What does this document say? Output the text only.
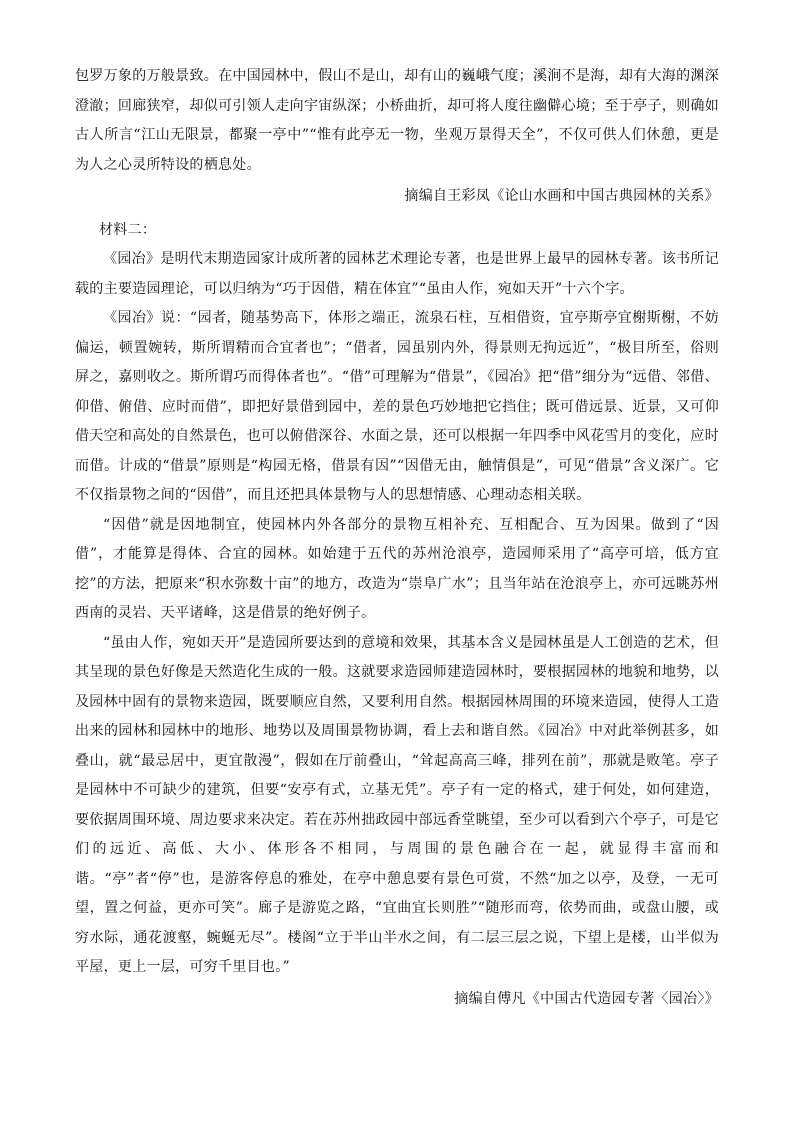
包罗万象的万般景致。在中国园林中，假山不是山，却有山的巍峨气度；溪涧不是海，却有大海的渊深澄澈；回廊狭窄，却似可引领人走向宇宙纵深；小桥曲折，却可将人度往幽僻心境；至于亭子，则确如古人所言“江山无限景，都聚一亭中”“惟有此亭无一物，坐观万景得天全”，不仅可供人们休憩，更是为人之心灵所特设的栖息处。

摘编自王彩凤《论山水画和中国古典园林的关系》

材料二：

《园冶》是明代末期造园家计成所著的园林艺术理论专著，也是世界上最早的园林专著。该书所记载的主要造园理论，可以归纳为“巧于因借，精在体宜”“虽由人作，宛如天开”十六个字。

《园冶》说：“园者，随基势高下，体形之端正，流泉石柱，互相借资，宜亭斯亭宜榭斯榭，不妨偏运，顿置婉转，斯所谓精而合宜者也”；“借者，园虽别内外，得景则无拘远近”，“极目所至，俗则屏之，嘉则收之。斯所谓巧而得体者也”。“借”可理解为“借景”，《园冶》把“借”细分为“远借、邻借、仰借、俯借、应时而借”，即把好景借到园中，差的景色巧妙地把它挡住；既可借远景、近景，又可仰借天空和高处的自然景色，也可以俯借深谷、水面之景，还可以根据一年四季中风花雪月的变化，应时而借。计成的“借景”原则是“构园无格，借景有因”“因借无由，触情俱是”，可见“借景”含义深广。它不仅指景物之间的“因借”，而且还把具体景物与人的思想情感、心理动态相关联。

“因借”就是因地制宜，使园林内外各部分的景物互相补充、互相配合、互为因果。做到了“因借”，才能算是得体、合宜的园林。如始建于五代的苏州沧浪亭，造园师采用了“高亭可培，低方宜挖”的方法，把原来“积水弥数十亩”的地方，改造为“崇阜广水”；且当年站在沧浪亭上，亦可远眺苏州西南的灵岩、天平诸峰，这是借景的绝好例子。

“虽由人作，宛如天开”是造园所要达到的意境和效果，其基本含义是园林虽是人工创造的艺术，但其呈现的景色好像是天然造化生成的一般。这就要求造园师建造园林时，要根据园林的地貌和地势，以及园林中固有的景物来造园，既要顺应自然，又要利用自然。根据园林周围的环境来造园，使得人工造出来的园林和园林中的地形、地势以及周围景物协调，看上去和谐自然。《园冶》中对此举例甚多，如叠山，就“最忌居中，更宜散漫”，假如在厅前叠山，“耸起高高三峰，排列在前”，那就是败笔。亭子是园林中不可缺少的建筑，但要“安亭有式，立基无凭”。亭子有一定的格式，建于何处，如何建造，要依据周围环境、周边要求来决定。若在苏州拙政园中部远香堂眺望，至少可以看到六个亭子，可是它们的远近、高低、大小、体形各不相同，与周围的景色融合在一起，就显得丰富而和谐。“亭”者“停”也，是游客停息的雅处，在亭中憩息要有景色可赏，不然“加之以亭，及登，一无可望，置之何益，更亦可笑”。廊子是游览之路，“宜曲宜长则胜”“随形而弯，依势而曲，或盘山腰，或穷水际，通花渡壑，蜿蜒无尽”。楼阁“立于半山半水之间，有二层三层之说，下望上是楼，山半似为平屋，更上一层，可穷千里目也。”

摘编自傅凡《中国古代造园专著〈园冶〉》
